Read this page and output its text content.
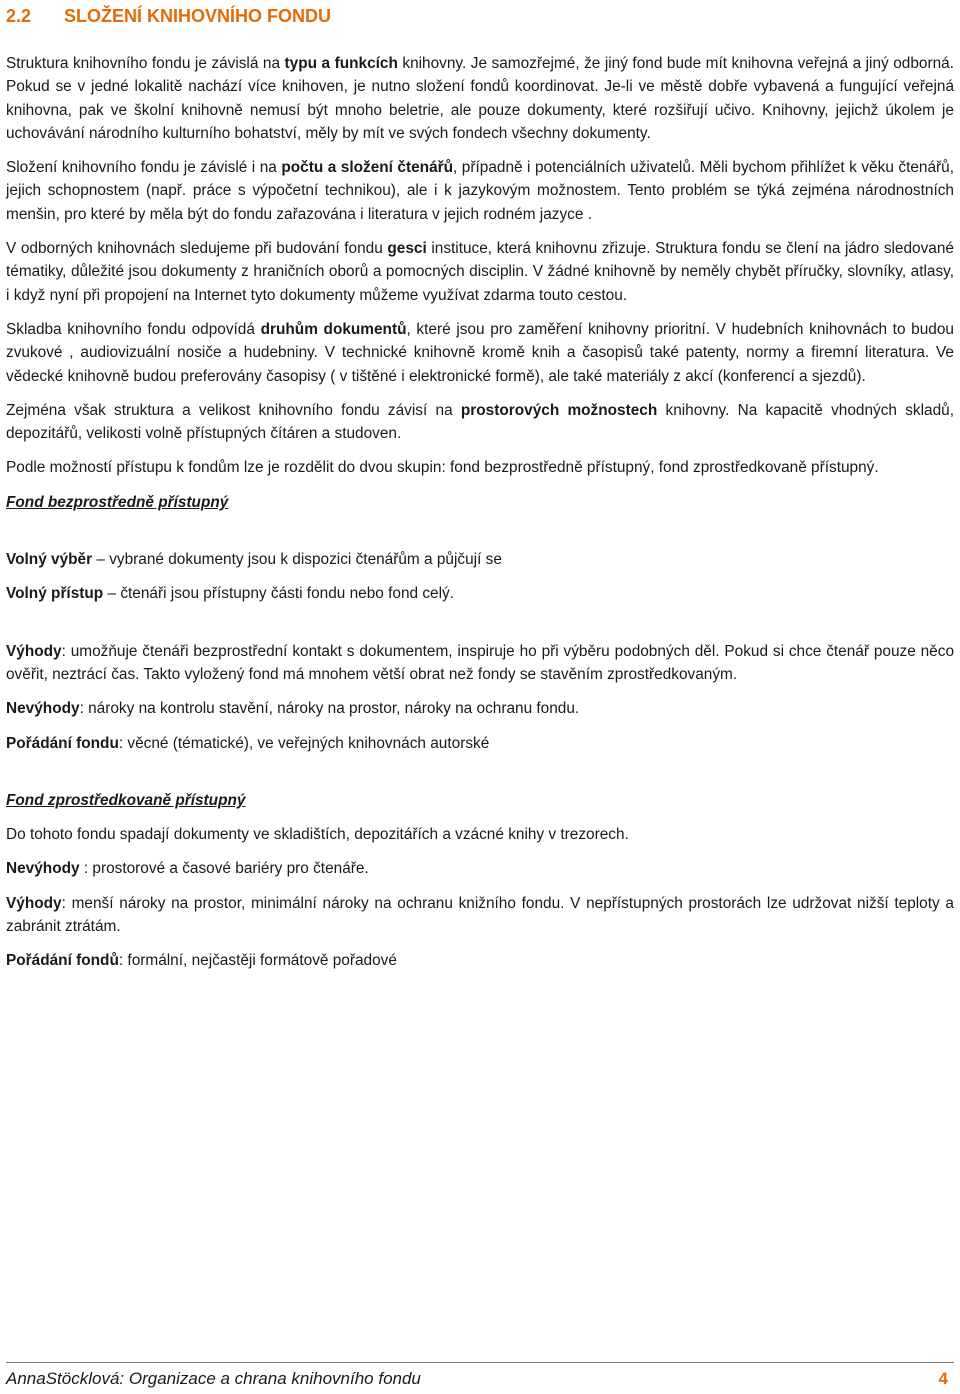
2.2 SLOŽENÍ KNIHOVNÍHO FONDU

Struktura knihovního fondu je závislá na typu a funkcích knihovny. Je samozřejmé, že jiný fond bude mít knihovna veřejná a jiný odborná. Pokud se v jedné lokalitě nachází více knihoven, je nutno složení fondů koordinovat. Je-li ve městě dobře vybavená a fungující veřejná knihovna, pak ve školní knihovně nemusí být mnoho beletrie, ale pouze dokumenty, které rozšiřují učivo. Knihovny, jejichž úkolem je uchovávání národního kulturního bohatství, měly by mít ve svých fondech všechny dokumenty.

Složení knihovního fondu je závislé i na počtu a složení čtenářů, případně i potenciálních uživatelů. Měli bychom přihlížet k věku čtenářů, jejich schopnostem (např. práce s výpočetní technikou), ale i k jazykovým možnostem. Tento problém se týká zejména národnostních menšin, pro které by měla být do fondu zařazována i literatura v jejich rodném jazyce .

V odborných knihovnách sledujeme při budování fondu gesci instituce, která knihovnu zřizuje. Struktura fondu se člení na jádro sledované tématiky, důležité jsou dokumenty z hraničních oborů a pomocných disciplin. V žádné knihovně by neměly chybět příručky, slovníky, atlasy, i když nyní při propojení na Internet tyto dokumenty můžeme využívat zdarma touto cestou.

Skladba knihovního fondu odpovídá druhům dokumentů, které jsou pro zaměření knihovny prioritní. V hudebních knihovnách to budou zvukové , audiovizuální nosiče a hudebniny. V technické knihovně kromě knih a časopisů také patenty, normy a firemní literatura. Ve vědecké knihovně budou preferovány časopisy ( v tištěné i elektronické formě), ale také materiály z akcí (konferencí a sjezdů).

Zejména však struktura a velikost knihovního fondu závisí na prostorových možnostech knihovny. Na kapacitě vhodných skladů, depozitářů, velikosti volně přístupných čítáren a studoven.

Podle možností přístupu k fondům lze je rozdělit do dvou skupin: fond bezprostředně přístupný, fond zprostředkovaně přístupný.

Fond bezprostředně přístupný

Volný výběr – vybrané dokumenty jsou k dispozici čtenářům a půjčují se

Volný přístup – čtenáři jsou přístupny části fondu nebo fond celý.

Výhody: umožňuje čtenáři bezprostřední kontakt s dokumentem, inspiruje ho při výběru podobných děl. Pokud si chce čtenář pouze něco ověřit, neztrácí čas. Takto vyložený fond má mnohem větší obrat než fondy se stavěním zprostředkovaným.

Nevýhody: nároky na kontrolu stavění, nároky na prostor, nároky na ochranu fondu.

Pořádání fondu: věcné (tématické), ve veřejných knihovnách autorské

Fond zprostředkovaně přístupný

Do tohoto fondu spadají dokumenty ve skladištích, depozitářích a vzácné knihy v trezorech.

Nevýhody : prostorové a časové bariéry pro čtenáře.

Výhody: menší nároky na prostor, minimální nároky na ochranu knižního fondu. V nepřístupných prostorách lze udržovat nižší teploty a zabránit ztrátám.

Pořádání fondů: formální, nejčastěji formátově pořadové

AnnaStöcklová: Organizace a chrana knihovního fondu	4
